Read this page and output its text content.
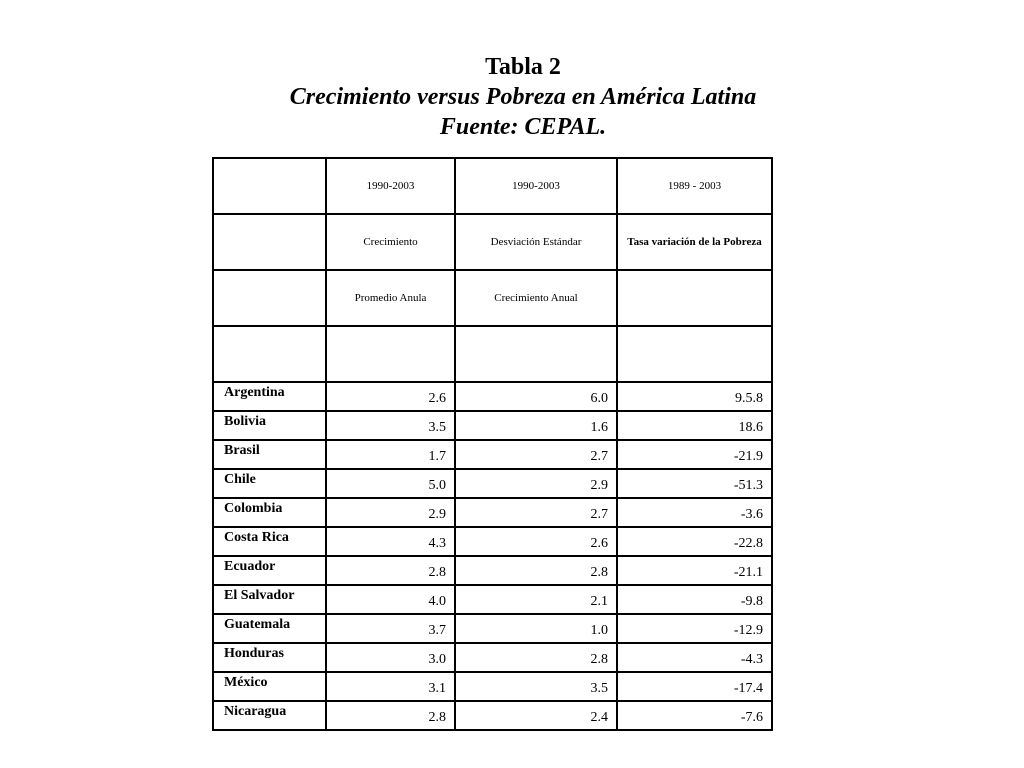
Tabla 2
Crecimiento versus Pobreza en América Latina
Fuente: CEPAL.
	1990-2003	1990-2003	1989 - 2003
	Crecimiento	Desviación Estándar	Tasa variación de la Pobreza
	Promedio Anula	Crecimiento Anual	

Argentina	2.6	6.0	9.5.8
Bolivia	3.5	1.6	18.6
Brasil	1.7	2.7	-21.9
Chile	5.0	2.9	-51.3
Colombia	2.9	2.7	-3.6
Costa Rica	4.3	2.6	-22.8
Ecuador	2.8	2.8	-21.1
El Salvador	4.0	2.1	-9.8
Guatemala	3.7	1.0	-12.9
Honduras	3.0	2.8	-4.3
México	3.1	3.5	-17.4
Nicaragua	2.8	2.4	-7.6
